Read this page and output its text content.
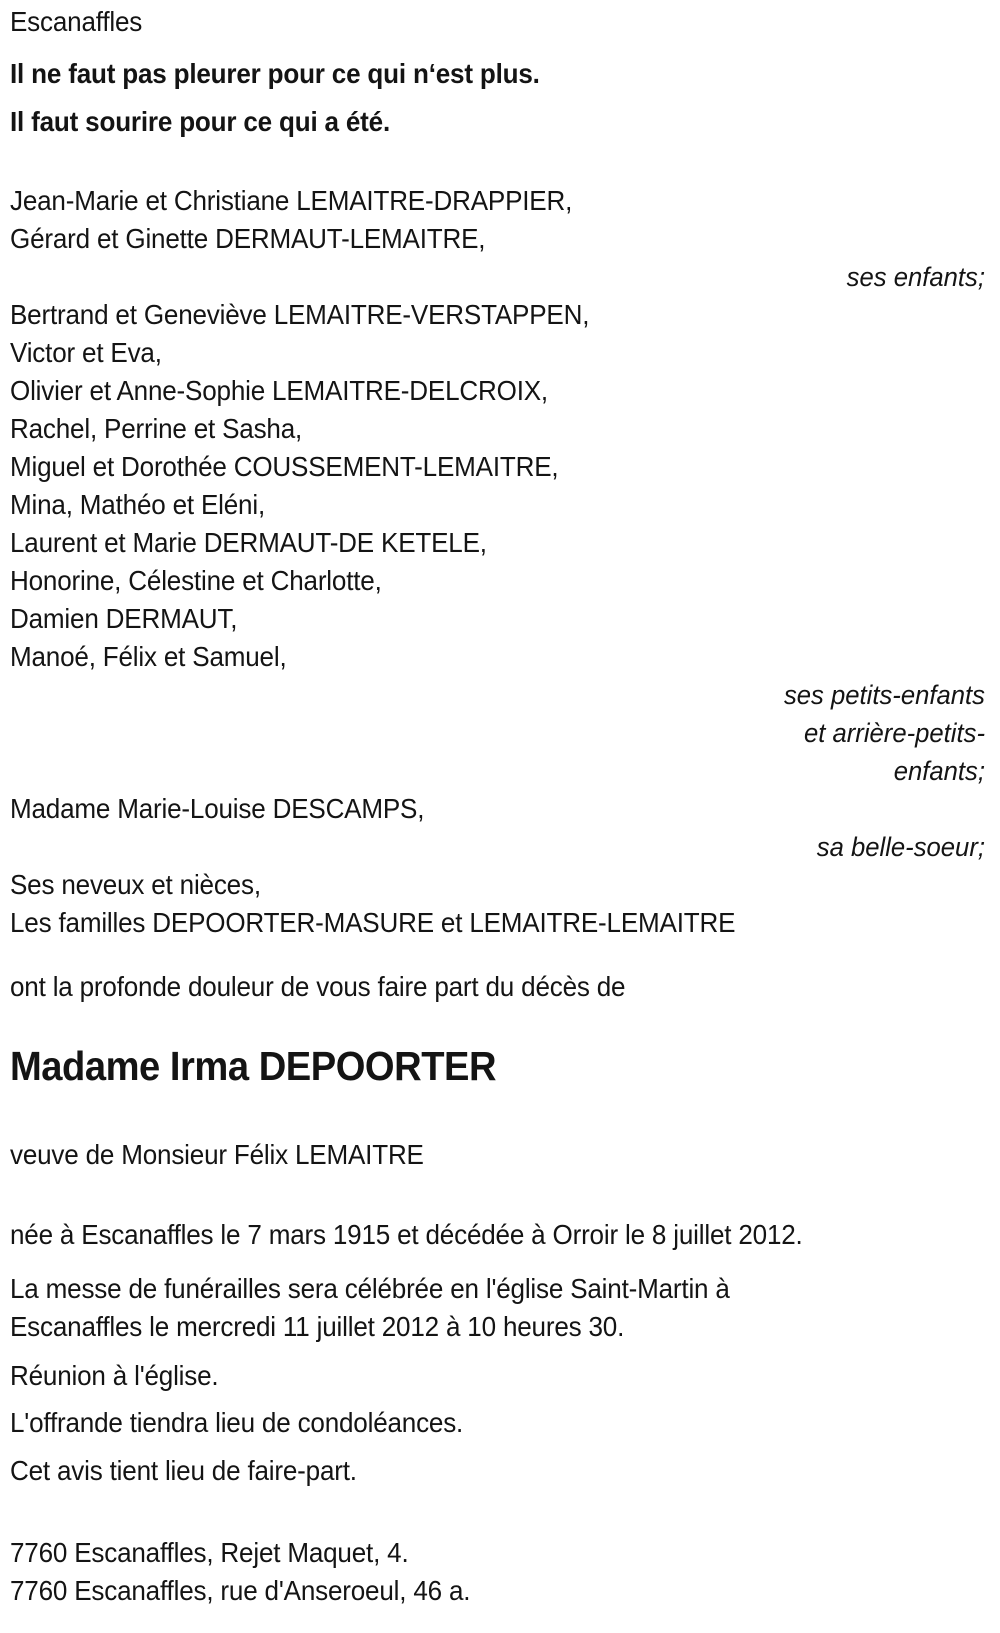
Escanaffles
Il ne faut pas pleurer pour ce qui n‘est plus.
Il faut sourire pour ce qui a été.
Jean-Marie et Christiane LEMAITRE-DRAPPIER,
Gérard et Ginette DERMAUT-LEMAITRE,
ses enfants;
Bertrand et Geneviève LEMAITRE-VERSTAPPEN,
Victor et Eva,
Olivier et Anne-Sophie LEMAITRE-DELCROIX,
Rachel, Perrine et Sasha,
Miguel et Dorothée COUSSEMENT-LEMAITRE,
Mina, Mathéo et Eléni,
Laurent et Marie DERMAUT-DE KETELE,
Honorine, Célestine et Charlotte,
Damien DERMAUT,
Manoé, Félix et Samuel,
ses petits-enfants
et arrière-petits-
enfants;
Madame Marie-Louise DESCAMPS,
sa belle-soeur;
Ses neveux et nièces,
Les familles DEPOORTER-MASURE et LEMAITRE-LEMAITRE
ont la profonde douleur de vous faire part du décès de
Madame Irma DEPOORTER
veuve de Monsieur Félix LEMAITRE
née à Escanaffles le 7 mars 1915 et décédée à Orroir le 8 juillet 2012.
La messe de funérailles sera célébrée en l'église Saint-Martin à
Escanaffles le mercredi 11 juillet 2012 à 10 heures 30.
Réunion à l'église.
L'offrande tiendra lieu de condoléances.
Cet avis tient lieu de faire-part.
7760 Escanaffles, Rejet Maquet, 4.
7760 Escanaffles, rue d'Anseroeul, 46 a.
